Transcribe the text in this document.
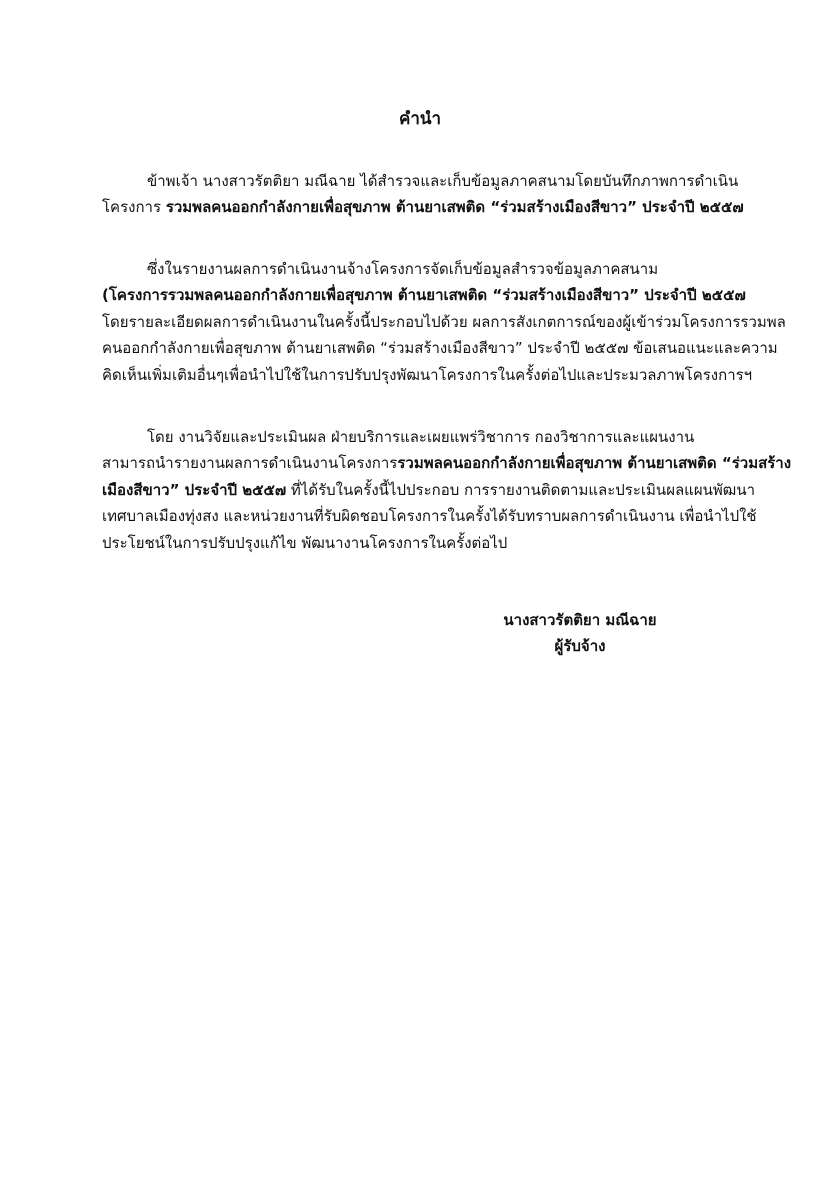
คำนำ
ข้าพเจ้า นางสาวรัตติยา มณีฉาย ได้สำรวจและเก็บข้อมูลภาคสนามโดยบันทึกภาพการดำเนิน
โครงการ รวมพลคนออกกำลังกายเพื่อสุขภาพ ต้านยาเสพติด “ร่วมสร้างเมืองสีขาว” ประจำปี ๒๕๕๗
ซึ่งในรายงานผลการดำเนินงานจ้างโครงการจัดเก็บข้อมูลสำรวจข้อมูลภาคสนาม
(โครงการรวมพลคนออกกำลังกายเพื่อสุขภาพ ต้านยาเสพติด “ร่วมสร้างเมืองสีขาว” ประจำปี ๒๕๕๗
โดยรายละเอียดผลการดำเนินงานในครั้งนี้ประกอบไปด้วย ผลการสังเกตการณ์ของผู้เข้าร่วมโครงการรวมพล
คนออกกำลังกายเพื่อสุขภาพ ต้านยาเสพติด “ร่วมสร้างเมืองสีขาว” ประจำปี ๒๕๕๗ ข้อเสนอแนะและความ
คิดเห็นเพิ่มเติมอื่นๆเพื่อนำไปใช้ในการปรับปรุงพัฒนาโครงการในครั้งต่อไปและประมวลภาพโครงการฯ
โดย งานวิจัยและประเมินผล ฝ่ายบริการและเผยแพร่วิชาการ กองวิชาการและแผนงาน
สามารถนำรายงานผลการดำเนินงานโครงการรวมพลคนออกกำลังกายเพื่อสุขภาพ ต้านยาเสพติด “ร่วมสร้าง
เมืองสีขาว” ประจำปี ๒๕๕๗ ที่ได้รับในครั้งนี้ไปประกอบ การรายงานติดตามและประเมินผลแผนพัฒนา
เทศบาลเมืองทุ่งสง และหน่วยงานที่รับผิดชอบโครงการในครั้งได้รับทราบผลการดำเนินงาน เพื่อนำไปใช้
ประโยชน์ในการปรับปรุงแก้ไข พัฒนางานโครงการในครั้งต่อไป
นางสาวรัตติยา มณีฉาย
ผู้รับจ้าง
